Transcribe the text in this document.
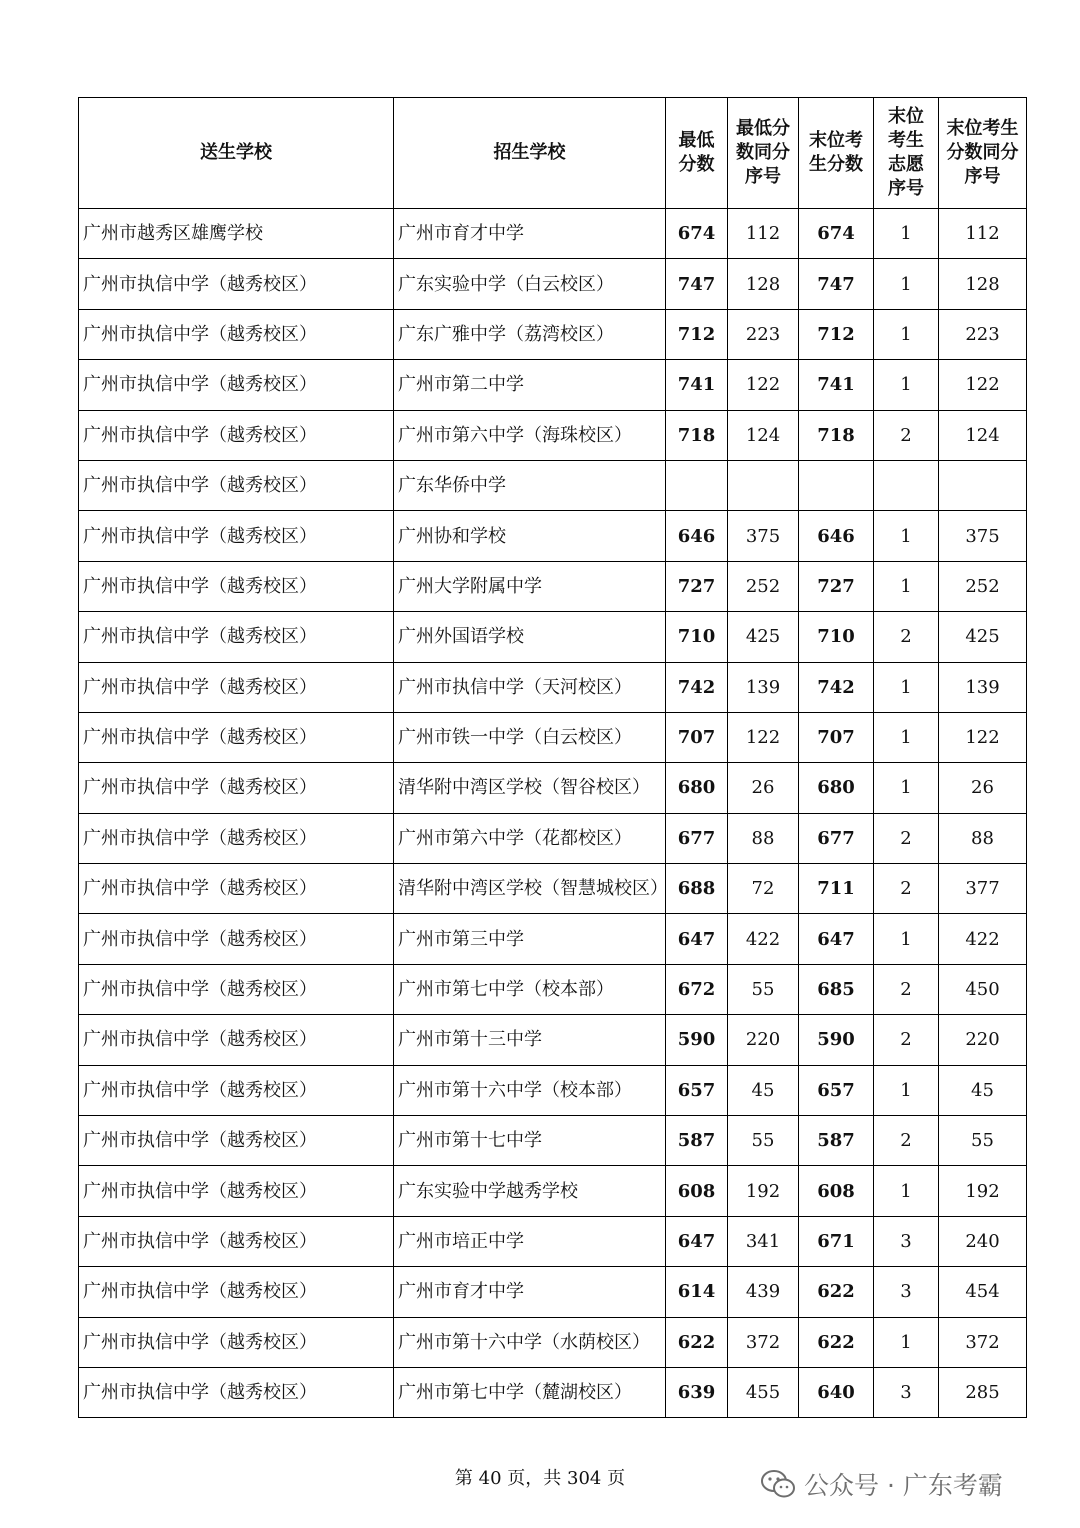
送生学校	招生学校	最低分数	最低分数同分序号	末位考生分数	末位考生志愿序号	末位考生分数同分序号
广州市越秀区雄鹰学校	广州市育才中学	674	112	674	1	112
广州市执信中学（越秀校区）	广东实验中学（白云校区）	747	128	747	1	128
广州市执信中学（越秀校区）	广东广雅中学（荔湾校区）	712	223	712	1	223
广州市执信中学（越秀校区）	广州市第二中学	741	122	741	1	122
广州市执信中学（越秀校区）	广州市第六中学（海珠校区）	718	124	718	2	124
广州市执信中学（越秀校区）	广东华侨中学					
广州市执信中学（越秀校区）	广州协和学校	646	375	646	1	375
广州市执信中学（越秀校区）	广州大学附属中学	727	252	727	1	252
广州市执信中学（越秀校区）	广州外国语学校	710	425	710	2	425
广州市执信中学（越秀校区）	广州市执信中学（天河校区）	742	139	742	1	139
广州市执信中学（越秀校区）	广州市铁一中学（白云校区）	707	122	707	1	122
广州市执信中学（越秀校区）	清华附中湾区学校（智谷校区）	680	26	680	1	26
广州市执信中学（越秀校区）	广州市第六中学（花都校区）	677	88	677	2	88
广州市执信中学（越秀校区）	清华附中湾区学校（智慧城校区）	688	72	711	2	377
广州市执信中学（越秀校区）	广州市第三中学	647	422	647	1	422
广州市执信中学（越秀校区）	广州市第七中学（校本部）	672	55	685	2	450
广州市执信中学（越秀校区）	广州市第十三中学	590	220	590	2	220
广州市执信中学（越秀校区）	广州市第十六中学（校本部）	657	45	657	1	45
广州市执信中学（越秀校区）	广州市第十七中学	587	55	587	2	55
广州市执信中学（越秀校区）	广东实验中学越秀学校	608	192	608	1	192
广州市执信中学（越秀校区）	广州市培正中学	647	341	671	3	240
广州市执信中学（越秀校区）	广州市育才中学	614	439	622	3	454
广州市执信中学（越秀校区）	广州市第十六中学（水荫校区）	622	372	622	1	372
广州市执信中学（越秀校区）	广州市第七中学（麓湖校区）	639	455	640	3	285
第 40 页，共 304 页	公众号 · 广东考霸
